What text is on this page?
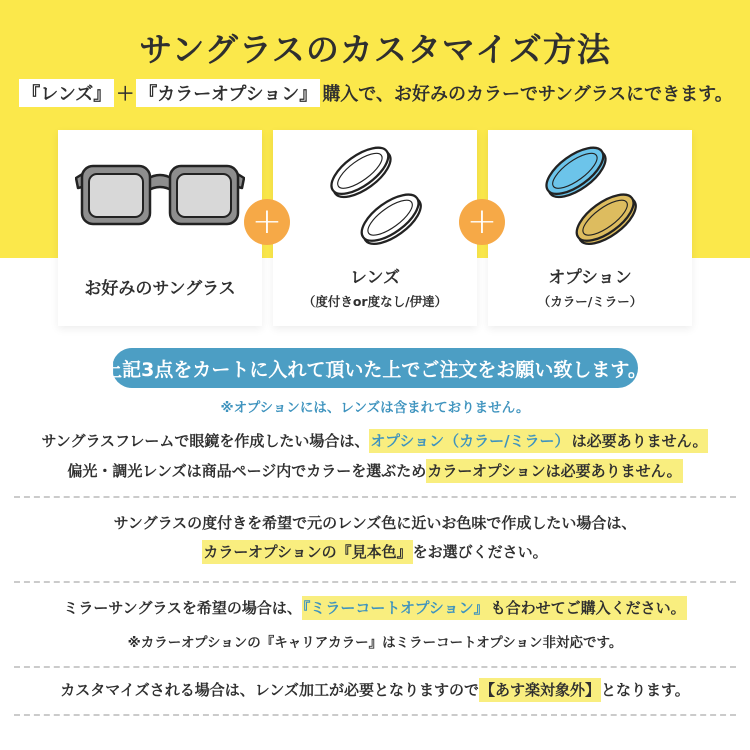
サングラスのカスタマイズ方法
『レンズ』 ＋ 『カラーオプション』 購入で、お好みのカラーでサングラスにできます。
お好みのサングラス
+
レンズ
（度付きor度なし/伊達）
+
オプション
（カラー/ミラー）
上記3点をカートに入れて頂いた上でご注文をお願い致します。
※オプションには、レンズは含まれておりません。
サングラスフレームで眼鏡を作成したい場合は、オプション（カラー/ミラー） は必要ありません。
偏光・調光レンズは商品ページ内でカラーを選ぶためカラーオプションは必要ありません。
サングラスの度付きを希望で元のレンズ色に近いお色味で作成したい場合は、
カラーオプションの『見本色』をお選びください。
ミラーサングラスを希望の場合は、『ミラーコートオプション』 も合わせてご購入ください。
※カラーオプションの『キャリアカラー』はミラーコートオプション非対応です。
カスタマイズされる場合は、レンズ加工が必要となりますので【あす楽対象外】となります。
